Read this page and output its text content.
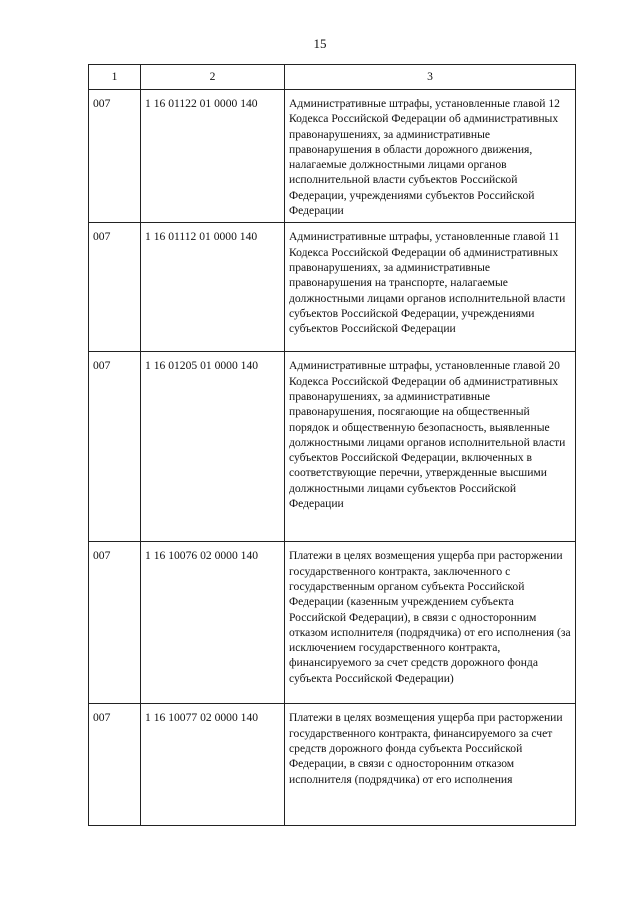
15
1	2	3
007	1 16 01122 01 0000 140	Административные штрафы, установленные главой 12 Кодекса Российской Федерации об административных правонарушениях, за административные правонарушения в области дорожного движения, налагаемые должностными лицами органов исполнительной власти субъектов Российской Федерации, учреждениями субъектов Российской Федерации
007	1 16 01112 01 0000 140	Административные штрафы, установленные главой 11 Кодекса Российской Федерации об административных правонарушениях, за административные правонарушения на транспорте, налагаемые должностными лицами органов исполнительной власти субъектов Российской Федерации, учреждениями субъектов Российской Федерации
007	1 16 01205 01 0000 140	Административные штрафы, установленные главой 20 Кодекса Российской Федерации об административных правонарушениях, за административные правонарушения, посягающие на общественный порядок и общественную безопасность, выявленные должностными лицами органов исполнительной власти субъектов Российской Федерации, включенных в соответствующие перечни, утвержденные высшими должностными лицами субъектов Российской Федерации
007	1 16 10076 02 0000 140	Платежи в целях возмещения ущерба при расторжении государственного контракта, заключенного с государственным органом субъекта Российской Федерации (казенным учреждением субъекта Российской Федерации), в связи с односторонним отказом исполнителя (подрядчика) от его исполнения (за исключением государственного контракта, финансируемого за счет средств дорожного фонда субъекта Российской Федерации)
007	1 16 10077 02 0000 140	Платежи в целях возмещения ущерба при расторжении государственного контракта, финансируемого за счет средств дорожного фонда субъекта Российской Федерации, в связи с односторонним отказом исполнителя (подрядчика) от его исполнения
